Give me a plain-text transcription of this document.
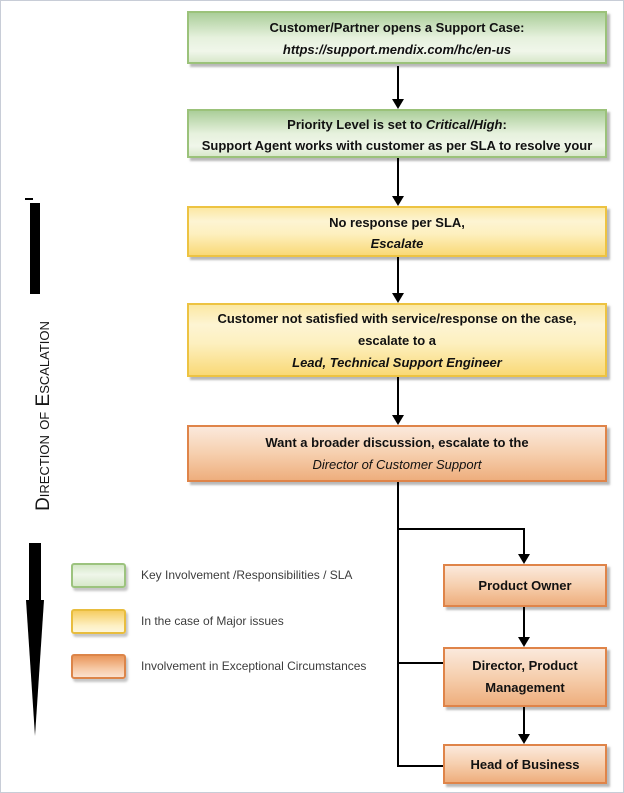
Customer/Partner opens a Support Case:
https://support.mendix.com/hc/en-us
Priority Level is set to Critical/High:
Support Agent works with customer as per SLA to resolve your
No response per SLA,
Escalate
Customer not satisfied with service/response on the case,
escalate to a
Lead, Technical Support Engineer
Want a broader discussion, escalate to the
Director of Customer Support
Product Owner
Director, Product
Management
Head of Business
Direction of Escalation
Key Involvement /Responsibilities / SLA
In the case of Major issues
Involvement in Exceptional Circumstances
